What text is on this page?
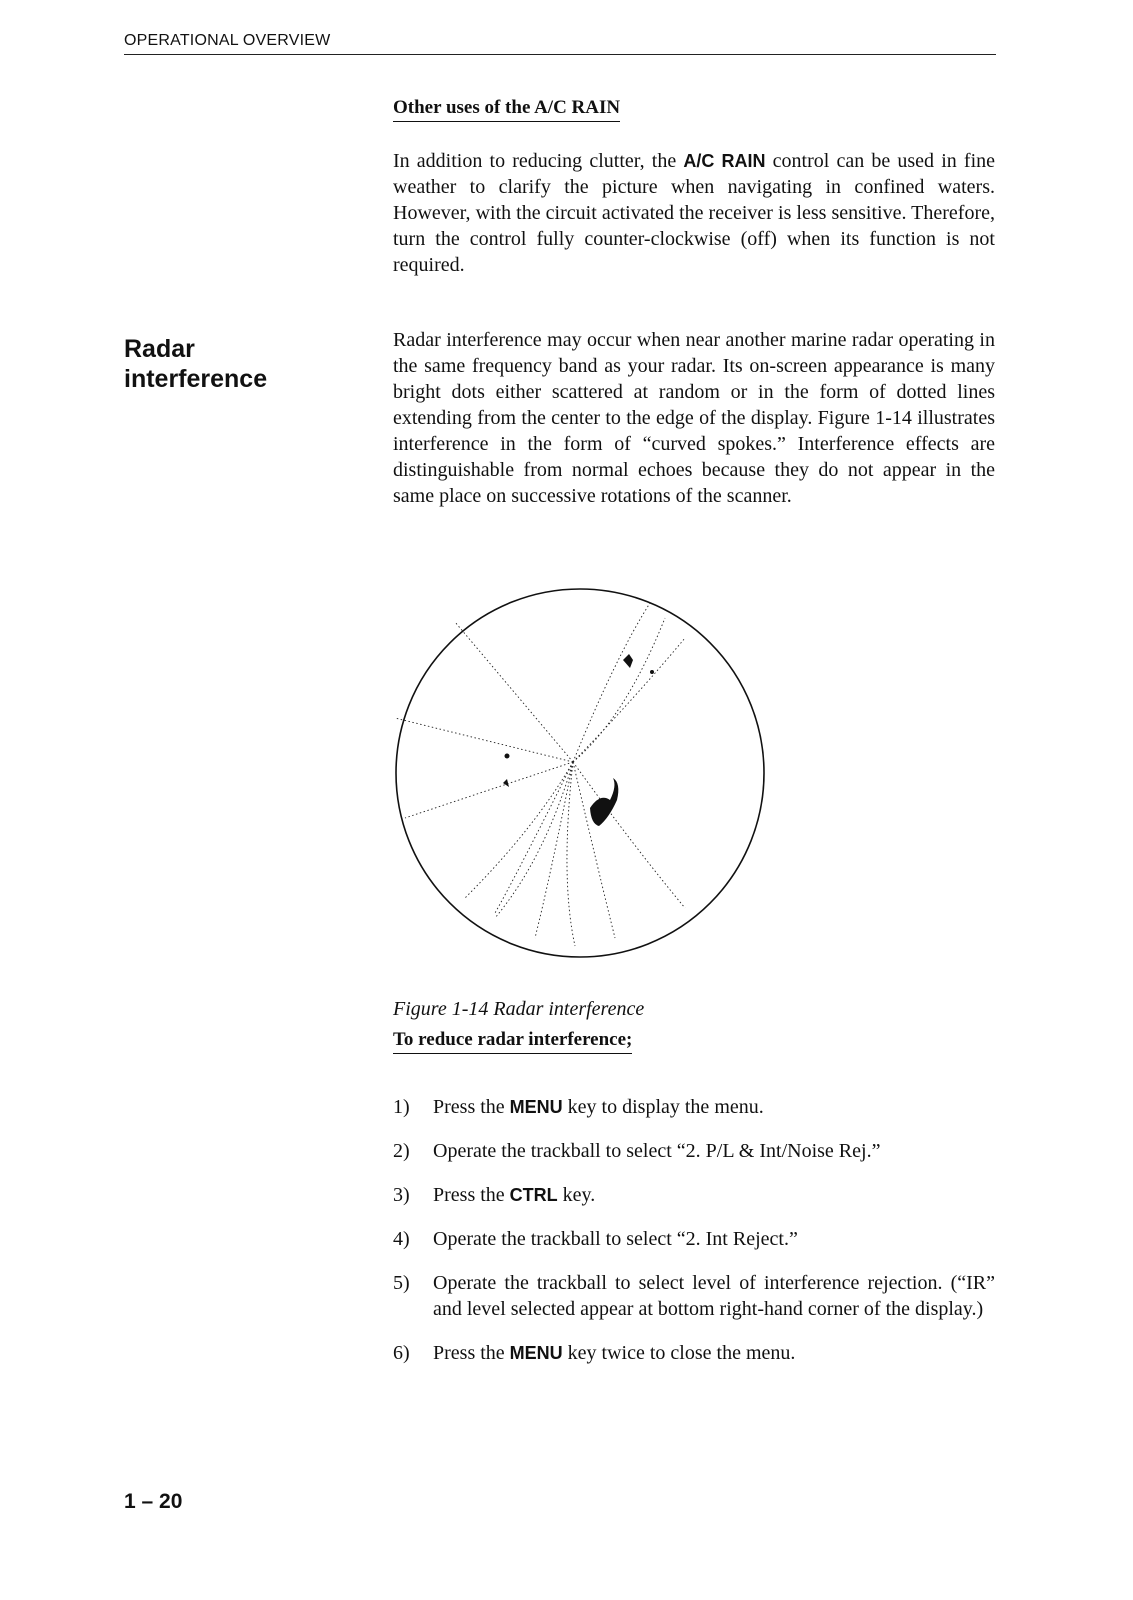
OPERATIONAL OVERVIEW
Other uses of the A/C RAIN

In addition to reducing clutter, the A/C RAIN control can be used in fine weather to clarify the picture when navigating in confined waters. However, with the circuit activated the receiver is less sensitive. Therefore, turn the control fully counter-clockwise (off) when its function is not required.

Radar
interference

Radar interference may occur when near another marine radar operating in the same frequency band as your radar. Its on-screen appearance is many bright dots either scattered at random or in the form of dotted lines extending from the center to the edge of the display. Figure 1-14 illustrates interference in the form of “curved spokes.” Interference effects are distinguishable from normal echoes because they do not appear in the same place on successive rotations of the scanner.

Figure 1-14 Radar interference
To reduce radar interference;
1) Press the MENU key to display the menu.
2) Operate the trackball to select “2. P/L & Int/Noise Rej.”
3) Press the CTRL key.
4) Operate the trackball to select “2. Int Reject.”
5) Operate the trackball to select level of interference rejection. (“IR” and level selected appear at bottom right-hand corner of the display.)
6) Press the MENU key twice to close the menu.
1 – 20
